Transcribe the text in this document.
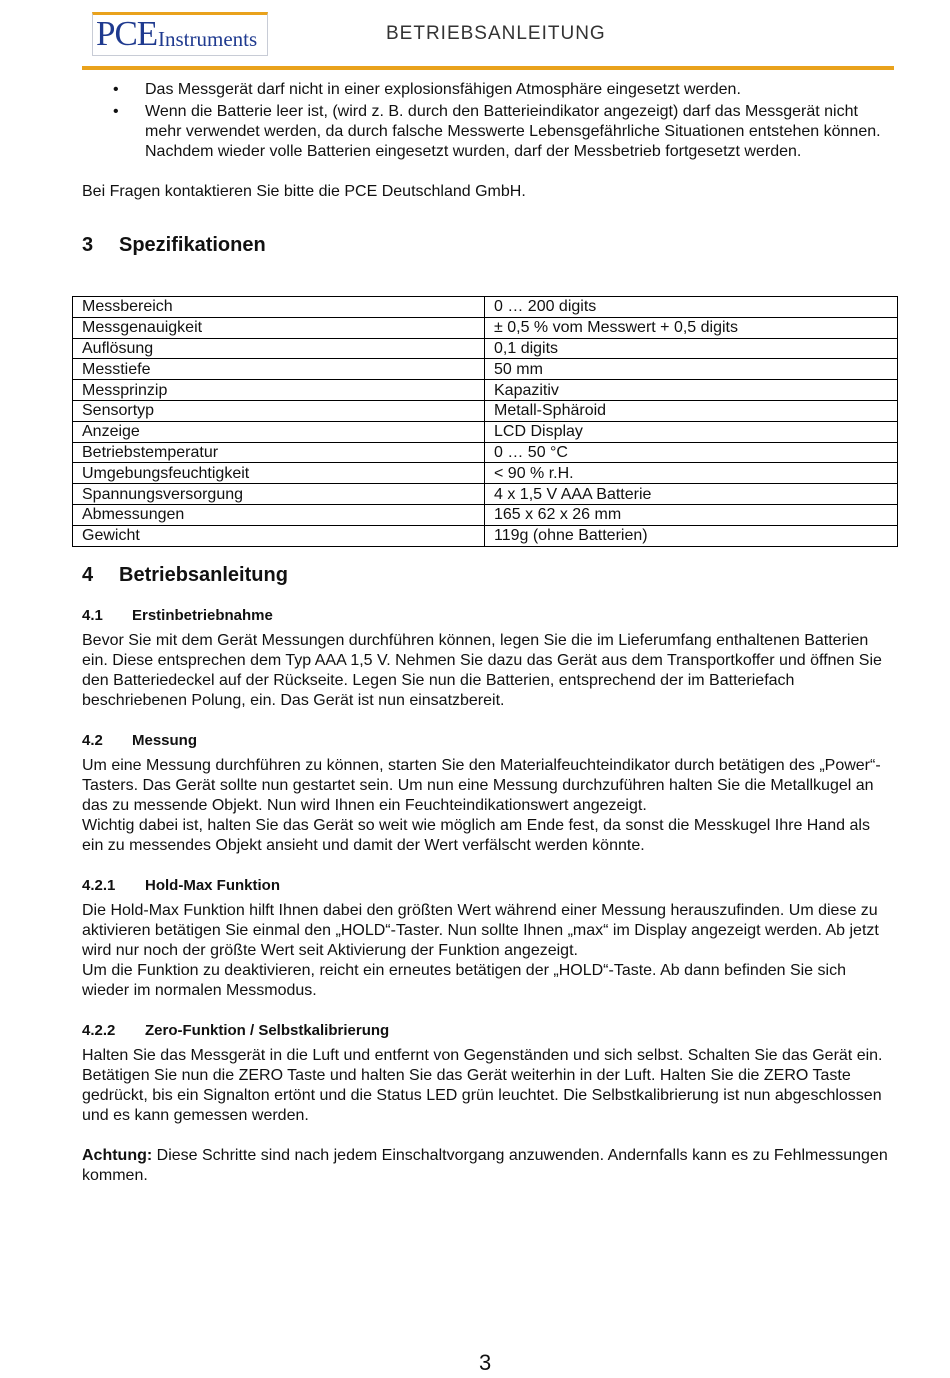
PCE Instruments	BETRIEBSANLEITUNG
Messbereich	0 … 200 digits
Messgenauigkeit	± 0,5 % vom Messwert + 0,5 digits
Auflösung	0,1 digits
Messtiefe	50 mm
Messprinzip	Kapazitiv
Sensortyp	Metall-Sphäroid
Anzeige	LCD Display
Betriebstemperatur	0 … 50 °C
Umgebungsfeuchtigkeit	< 90 % r.H.
Spannungsversorgung	4 x 1,5 V AAA Batterie
Abmessungen	165 x 62 x 26 mm
Gewicht	119g (ohne Batterien)
• Das Messgerät darf nicht in einer explosionsfähigen Atmosphäre eingesetzt werden.
• Wenn die Batterie leer ist, (wird z. B. durch den Batterieindikator angezeigt) darf das Messgerät nicht mehr verwendet werden, da durch falsche Messwerte Lebensgefährliche Situationen entstehen können. Nachdem wieder volle Batterien eingesetzt wurden, darf der Messbetrieb fortgesetzt werden.

Bei Fragen kontaktieren Sie bitte die PCE Deutschland GmbH.

3 Spezifikationen
4 Betriebsanleitung
4.1 Erstinbetriebnahme

Bevor Sie mit dem Gerät Messungen durchführen können, legen Sie die im Lieferumfang enthaltenen Batterien ein. Diese entsprechen dem Typ AAA 1,5 V. Nehmen Sie dazu das Gerät aus dem Transportkoffer und öffnen Sie den Batteriedeckel auf der Rückseite. Legen Sie nun die Batterien, entsprechend der im Batteriefach beschriebenen Polung, ein. Das Gerät ist nun einsatzbereit.

4.2 Messung

Um eine Messung durchführen zu können, starten Sie den Materialfeuchteindikator durch betätigen des „Power“-Tasters. Das Gerät sollte nun gestartet sein. Um nun eine Messung durchzuführen halten Sie die Metallkugel an das zu messende Objekt. Nun wird Ihnen ein Feuchteindikationswert angezeigt.

Wichtig dabei ist, halten Sie das Gerät so weit wie möglich am Ende fest, da sonst die Messkugel Ihre Hand als ein zu messendes Objekt ansieht und damit der Wert verfälscht werden könnte.

4.2.1 Hold-Max Funktion

Die Hold-Max Funktion hilft Ihnen dabei den größten Wert während einer Messung herauszufinden. Um diese zu aktivieren betätigen Sie einmal den „HOLD“-Taster. Nun sollte Ihnen „max“ im Display angezeigt werden. Ab jetzt wird nur noch der größte Wert seit Aktivierung der Funktion angezeigt.

Um die Funktion zu deaktivieren, reicht ein erneutes betätigen der „HOLD“-Taste. Ab dann befinden Sie sich wieder im normalen Messmodus.

4.2.2 Zero-Funktion / Selbstkalibrierung

Halten Sie das Messgerät in die Luft und entfernt von Gegenständen und sich selbst. Schalten Sie das Gerät ein. Betätigen Sie nun die ZERO Taste und halten Sie das Gerät weiterhin in der Luft. Halten Sie die ZERO Taste gedrückt, bis ein Signalton ertönt und die Status LED grün leuchtet. Die Selbstkalibrierung ist nun abgeschlossen und es kann gemessen werden.

Achtung: Diese Schritte sind nach jedem Einschaltvorgang anzuwenden. Andernfalls kann es zu Fehlmessungen kommen.

3
